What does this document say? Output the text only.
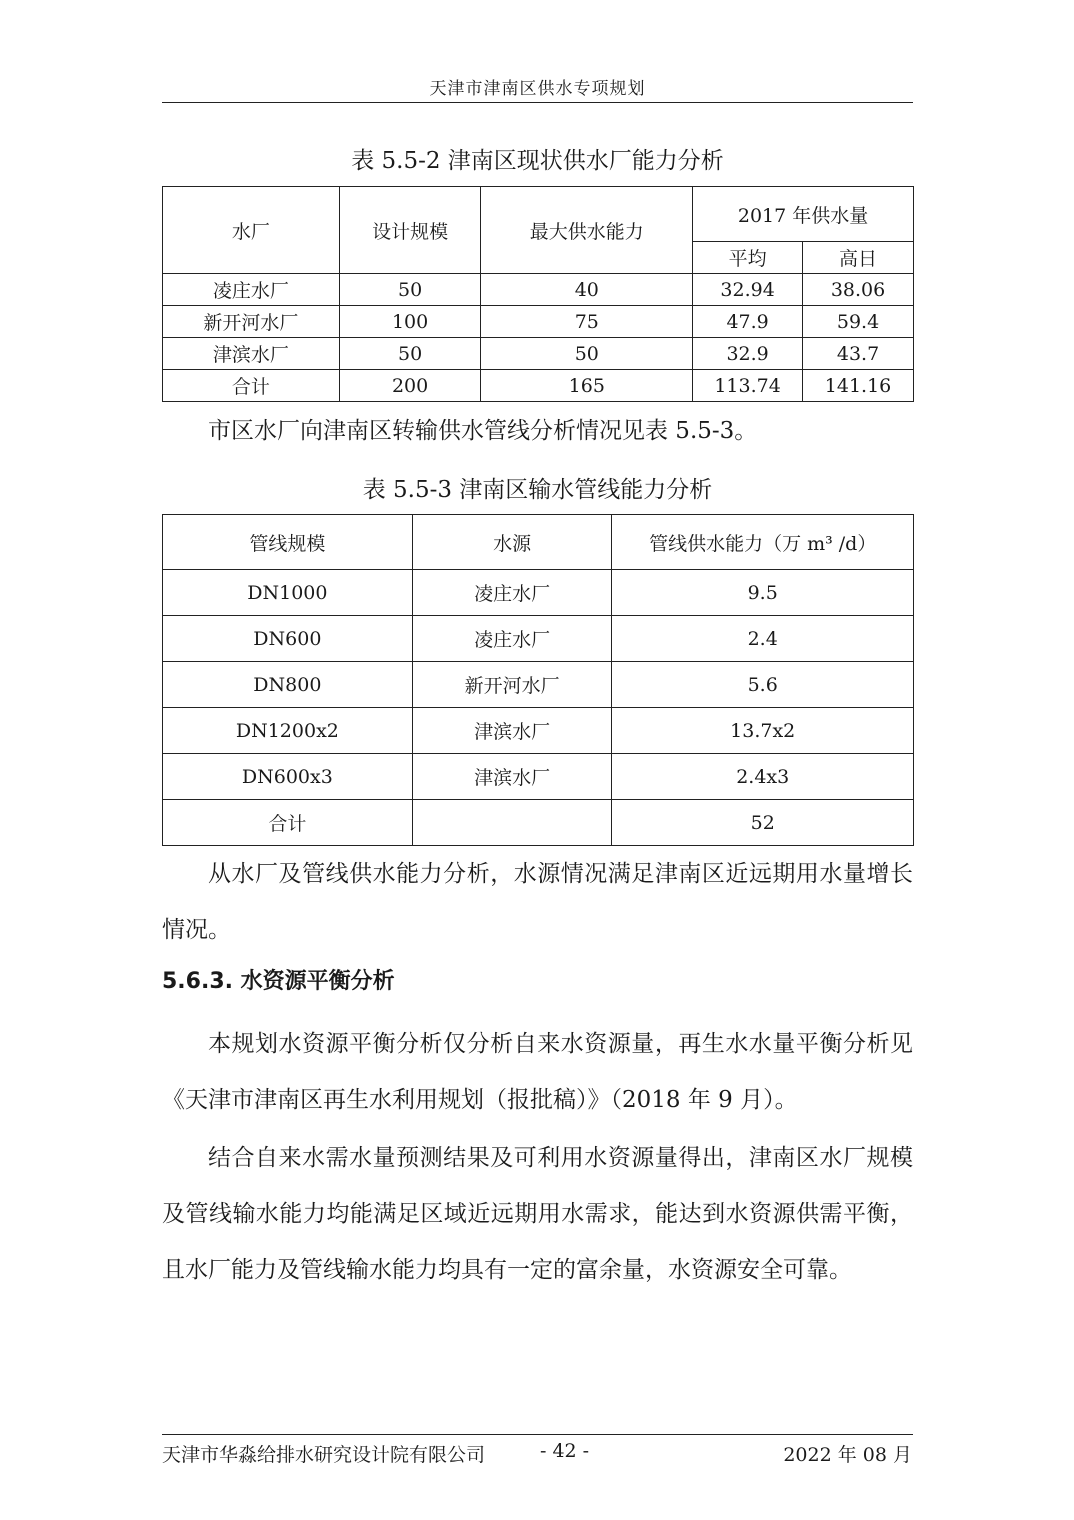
天津市津南区供水专项规划
表 5.5-2 津南区现状供水厂能力分析
水厂	设计规模	最大供水能力	2017 年供水量	
			平均	高日
凌庄水厂	50	40	32.94	38.06
新开河水厂	100	75	47.9	59.4
津滨水厂	50	50	32.9	43.7
合计	200	165	113.74	141.16

市区水厂向津南区转输供水管线分析情况见表 5.5-3。

表 5.5-3 津南区输水管线能力分析
管线规模	水源	管线供水能力（万 m³ /d）
DN1000	凌庄水厂	9.5
DN600	凌庄水厂	2.4
DN800	新开河水厂	5.6
DN1200x2	津滨水厂	13.7x2
DN600x3	津滨水厂	2.4x3
合计		52

从水厂及管线供水能力分析，水源情况满足津南区近远期用水量增长情况。

5.6.3. 水资源平衡分析

本规划水资源平衡分析仅分析自来水资源量，再生水水量平衡分析见《天津市津南区再生水利用规划（报批稿）》（2018 年 9 月）。

结合自来水需水量预测结果及可利用水资源量得出，津南区水厂规模及管线输水能力均能满足区域近远期用水需求，能达到水资源供需平衡，且水厂能力及管线输水能力均具有一定的富余量，水资源安全可靠。

天津市华淼给排水研究设计院有限公司	- 42 -	2022 年 08 月
